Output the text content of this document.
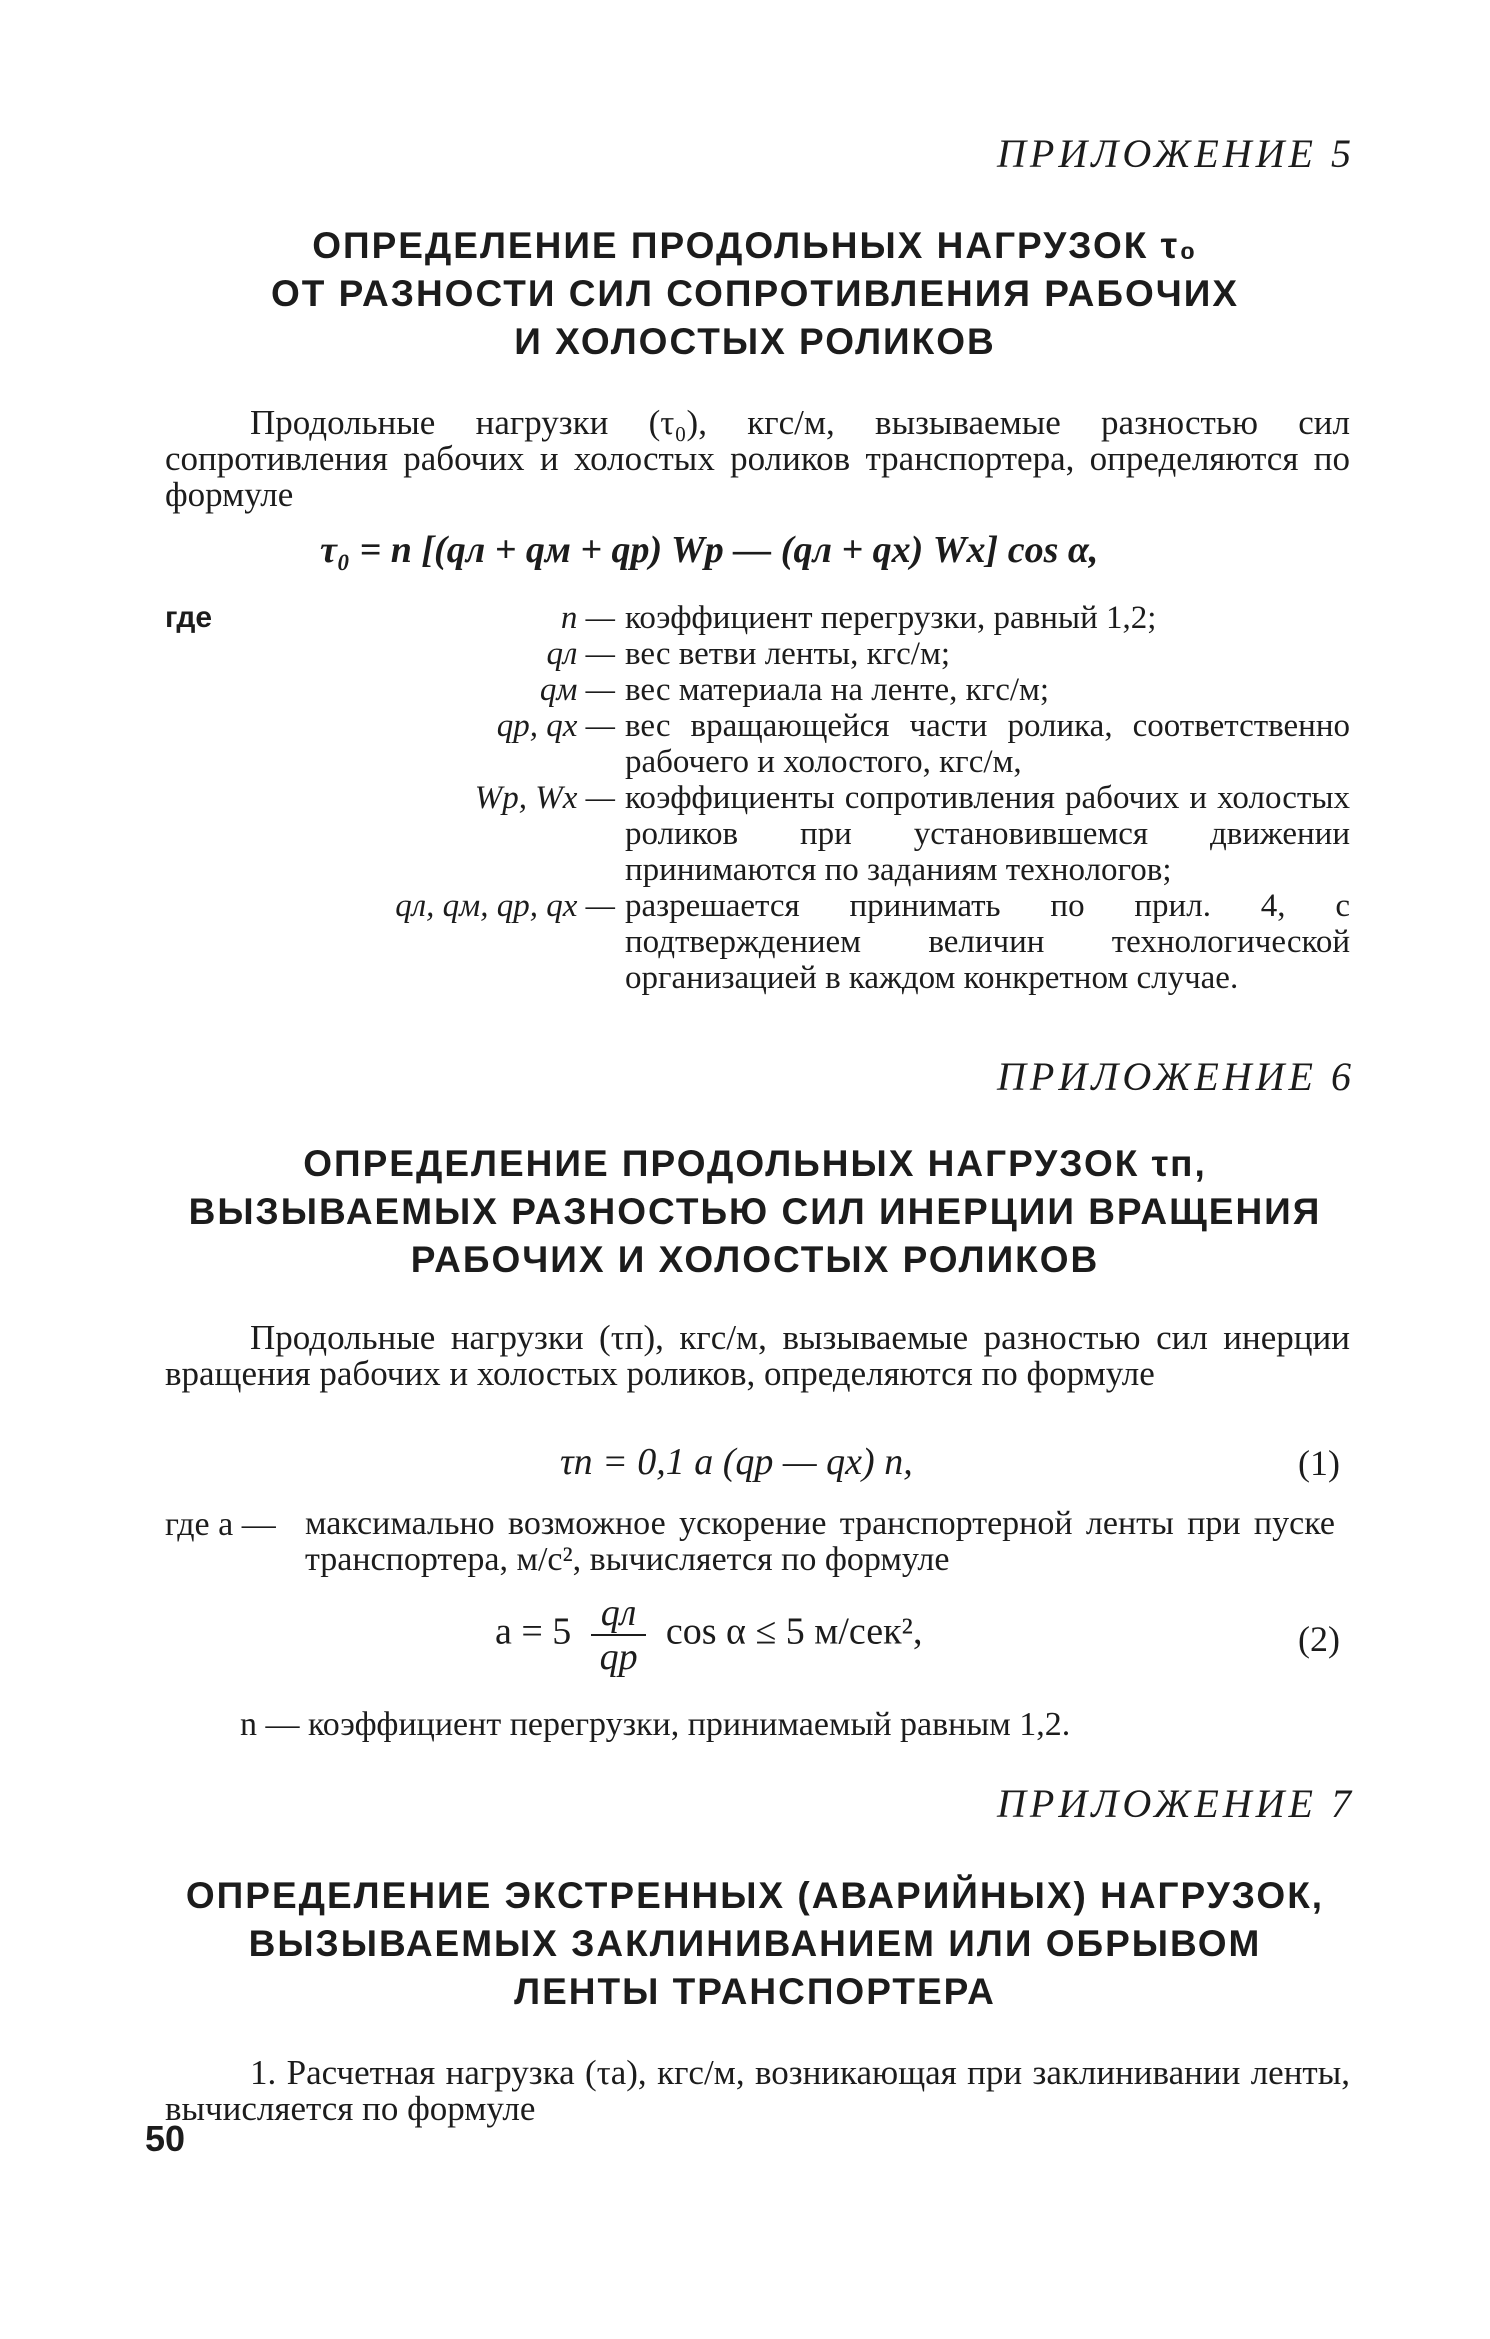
ПРИЛОЖЕНИЕ 5
ОПРЕДЕЛЕНИЕ ПРОДОЛЬНЫХ НАГРУЗОК τ₀
ОТ РАЗНОСТИ СИЛ СОПРОТИВЛЕНИЯ РАБОЧИХ
И ХОЛОСТЫХ РОЛИКОВ

Продольные нагрузки (τ₀), кгс/м, вызываемые разностью сил сопротивления рабочих и холостых роликов транспортера, определяются по формуле

τ₀ = n [(qл + qм + qр) Wр — (qл + qх) Wх] cos α,
где	n — коэффициент перегрузки, равный 1,2;
qл — вес ветви ленты, кгс/м;
qм — вес материала на ленте, кгс/м;
qр, qх — вес вращающейся части ролика, соответственно рабочего и холостого, кгс/м,
Wр, Wх — коэффициенты сопротивления рабочих и холостых роликов при установившемся движении принимаются по заданиям технологов;
qл, qм, qр, qх — разрешается принимать по прил. 4, с подтверждением величин технологической организацией в каждом конкретном случае.
ПРИЛОЖЕНИЕ 6
ОПРЕДЕЛЕНИЕ ПРОДОЛЬНЫХ НАГРУЗОК τп,
ВЫЗЫВАЕМЫХ РАЗНОСТЬЮ СИЛ ИНЕРЦИИ ВРАЩЕНИЯ
РАБОЧИХ И ХОЛОСТЫХ РОЛИКОВ

Продольные нагрузки (τп), кгс/м, вызываемые разностью сил инерции вращения рабочих и холостых роликов, определяются по формуле

τп = 0,1 a (qр — qх) n,	(1)
где a — максимально возможное ускорение транспортерной ленты при пуске транспортера, м/с², вычисляется по формуле

$a = 5 \frac{qл}{qр}$ cos α ≤ 5 м/сек²,	(2)
n — коэффициент перегрузки, принимаемый равным 1,2.
ПРИЛОЖЕНИЕ 7
ОПРЕДЕЛЕНИЕ ЭКСТРЕННЫХ (АВАРИЙНЫХ) НАГРУЗОК,
ВЫЗЫВАЕМЫХ ЗАКЛИНИВАНИЕМ ИЛИ ОБРЫВОМ
ЛЕНТЫ ТРАНСПОРТЕРА

1. Расчетная нагрузка (τа), кгс/м, возникающая при заклинивании ленты, вычисляется по формуле

50
